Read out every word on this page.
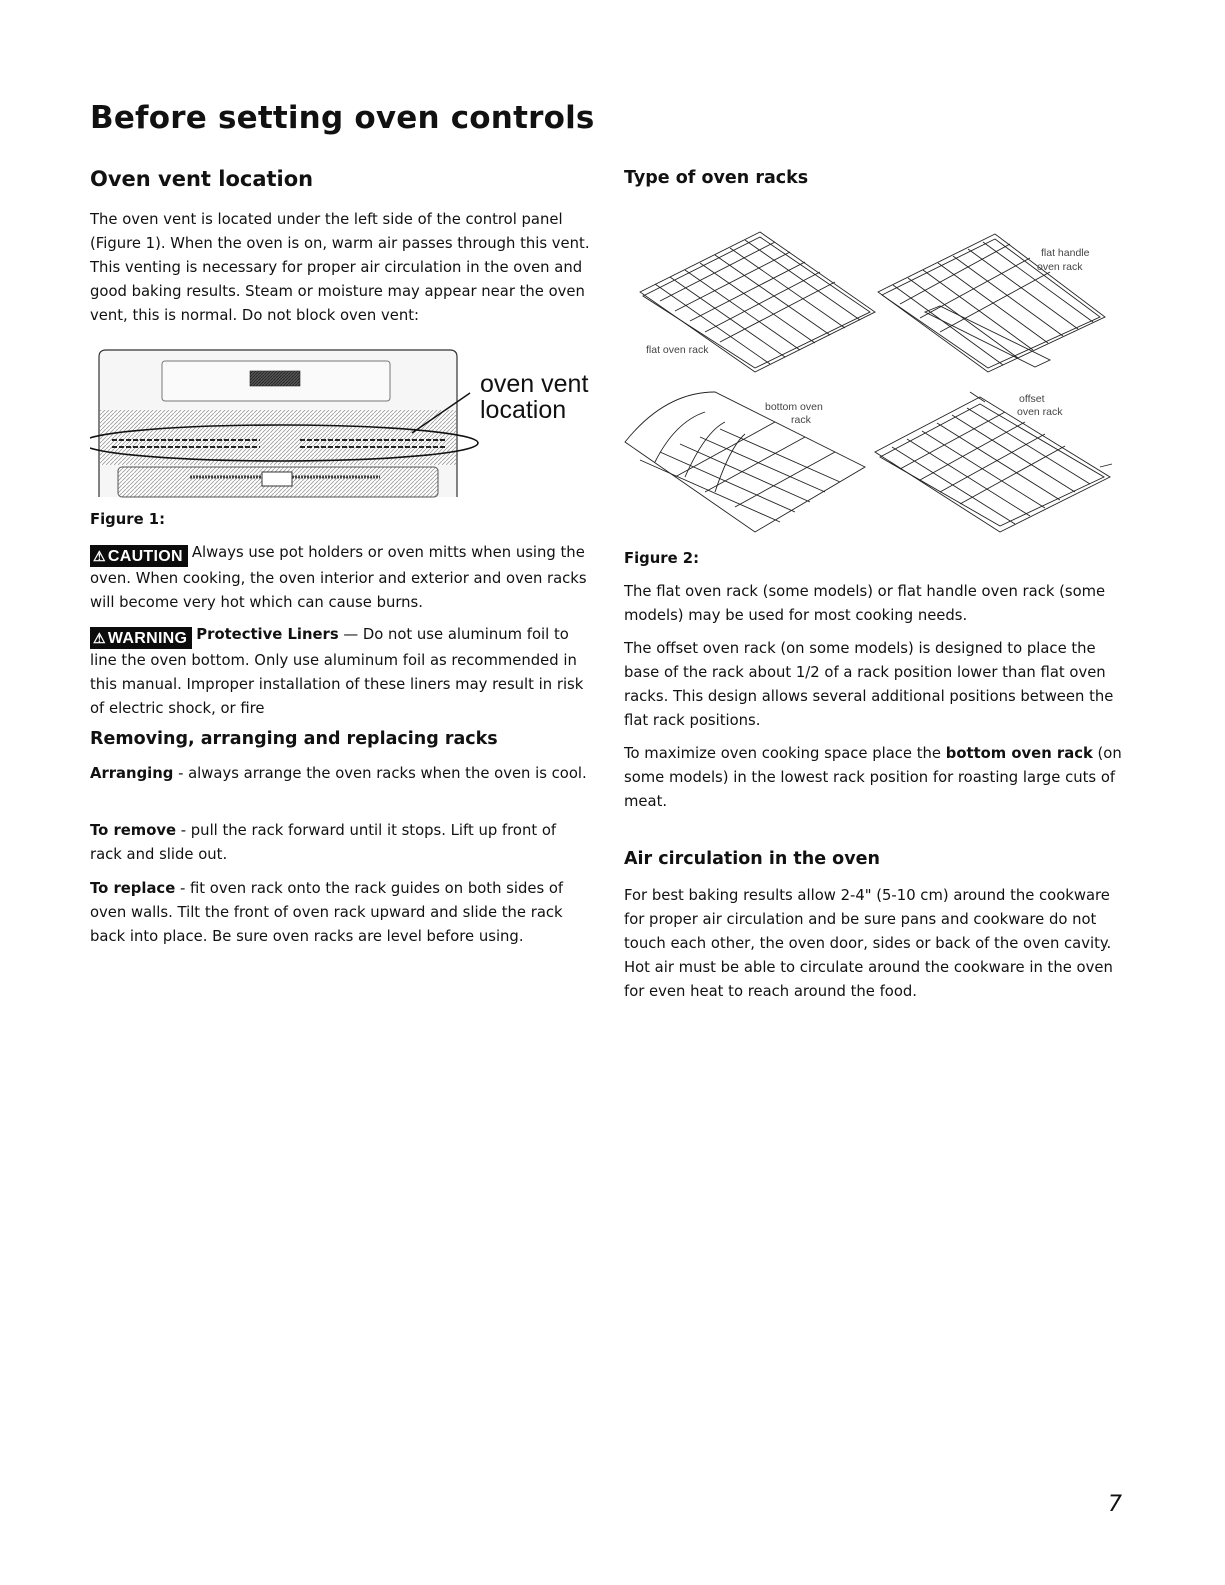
Before setting oven controls
Oven vent location

The oven vent is located under the left side of the control panel (Figure 1). When the oven is on, warm air passes through this vent. This venting is necessary for proper air circulation in the oven and good baking results. Steam or moisture may appear near the oven vent, this is normal. Do not block oven vent:

oven vent
location
Figure 1:

⚠ CAUTION Always use pot holders or oven mitts when using the oven. When cooking, the oven interior and exterior and oven racks will become very hot which can cause burns.

⚠ WARNING Protective Liners — Do not use aluminum foil to line the oven bottom. Only use aluminum foil as recommended in this manual. Improper installation of these liners may result in risk of electric shock, or fire

Removing, arranging and replacing racks

Arranging - always arrange the oven racks when the oven is cool.

To remove - pull the rack forward until it stops. Lift up front of rack and slide out.

To replace - fit oven rack onto the rack guides on both sides of oven walls. Tilt the front of oven rack upward and slide the rack back into place. Be sure oven racks are level before using.

Type of oven racks
flat oven rack
flat handle
oven rack
bottom oven
rack
offset
oven rack
Figure 2:

The flat oven rack (some models) or flat handle oven rack (some models) may be used for most cooking needs.

The offset oven rack (on some models) is designed to place the base of the rack about 1/2 of a rack position lower than flat oven racks. This design allows several additional positions between the flat rack positions.

To maximize oven cooking space place the bottom oven rack (on some models) in the lowest rack position for roasting large cuts of meat.

Air circulation in the oven

For best baking results allow 2-4" (5-10 cm) around the cookware for proper air circulation and be sure pans and cookware do not touch each other, the oven door, sides or back of the oven cavity. Hot air must be able to circulate around the cookware in the oven for even heat to reach around the food.

7
